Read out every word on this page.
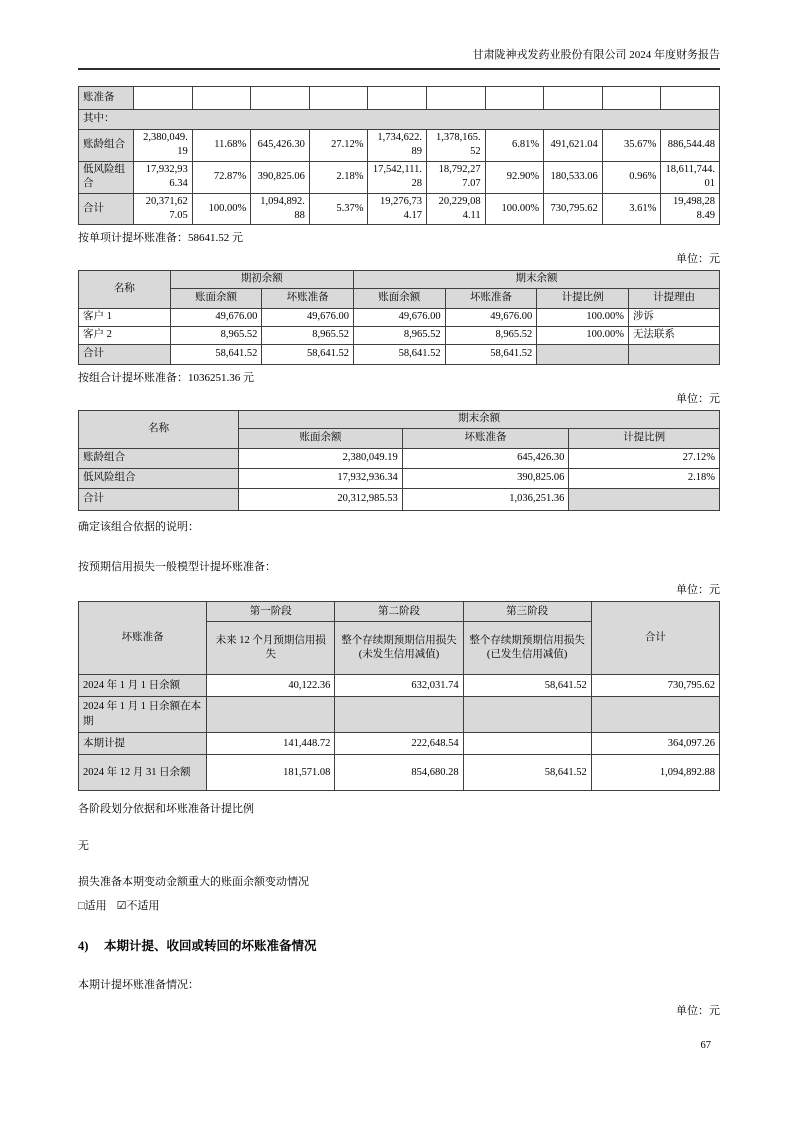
甘肃陇神戎发药业股份有限公司 2024 年度财务报告
账准备										
其中：										
账龄组合	2,380,049.19	11.68%	645,426.30	27.12%	1,734,622.89	1,378,165.52	6.81%	491,621.04	35.67%	886,544.48
低风险组合	17,932,936.34	72.87%	390,825.06	2.18%	17,542,111.28	18,792,277.07	92.90%	180,533.06	0.96%	18,611,744.01
合计	20,371,627.05	100.00%	1,094,892.88	5.37%	19,276,734.17	20,229,084.11	100.00%	730,795.62	3.61%	19,498,288.49
按单项计提坏账准备：58641.52 元
单位：元
名称	期初余额		期末余额			
	账面余额	坏账准备	账面余额	坏账准备	计提比例	计提理由
客户 1	49,676.00	49,676.00	49,676.00	49,676.00	100.00%	涉诉
客户 2	8,965.52	8,965.52	8,965.52	8,965.52	100.00%	无法联系
合计	58,641.52	58,641.52	58,641.52	58,641.52		
按组合计提坏账准备：1036251.36 元
单位：元
名称	期末余额		
	账面余额	坏账准备	计提比例
账龄组合	2,380,049.19	645,426.30	27.12%
低风险组合	17,932,936.34	390,825.06	2.18%
合计	20,312,985.53	1,036,251.36	
确定该组合依据的说明：
按预期信用损失一般模型计提坏账准备：
单位：元
坏账准备	第一阶段	第二阶段	第三阶段	合计
	未来 12 个月预期信用损失	整个存续期预期信用损失(未发生信用减值)	整个存续期预期信用损失(已发生信用减值)	
2024 年 1 月 1 日余额	40,122.36	632,031.74	58,641.52	730,795.62
2024 年 1 月 1 日余额在本期				
本期计提	141,448.72	222,648.54		364,097.26
2024 年 12 月 31 日余额	181,571.08	854,680.28	58,641.52	1,094,892.88
各阶段划分依据和坏账准备计提比例
无
损失准备本期变动金额重大的账面余额变动情况
□适用 ☑不适用
4) 本期计提、收回或转回的坏账准备情况
本期计提坏账准备情况：
单位：元
67
